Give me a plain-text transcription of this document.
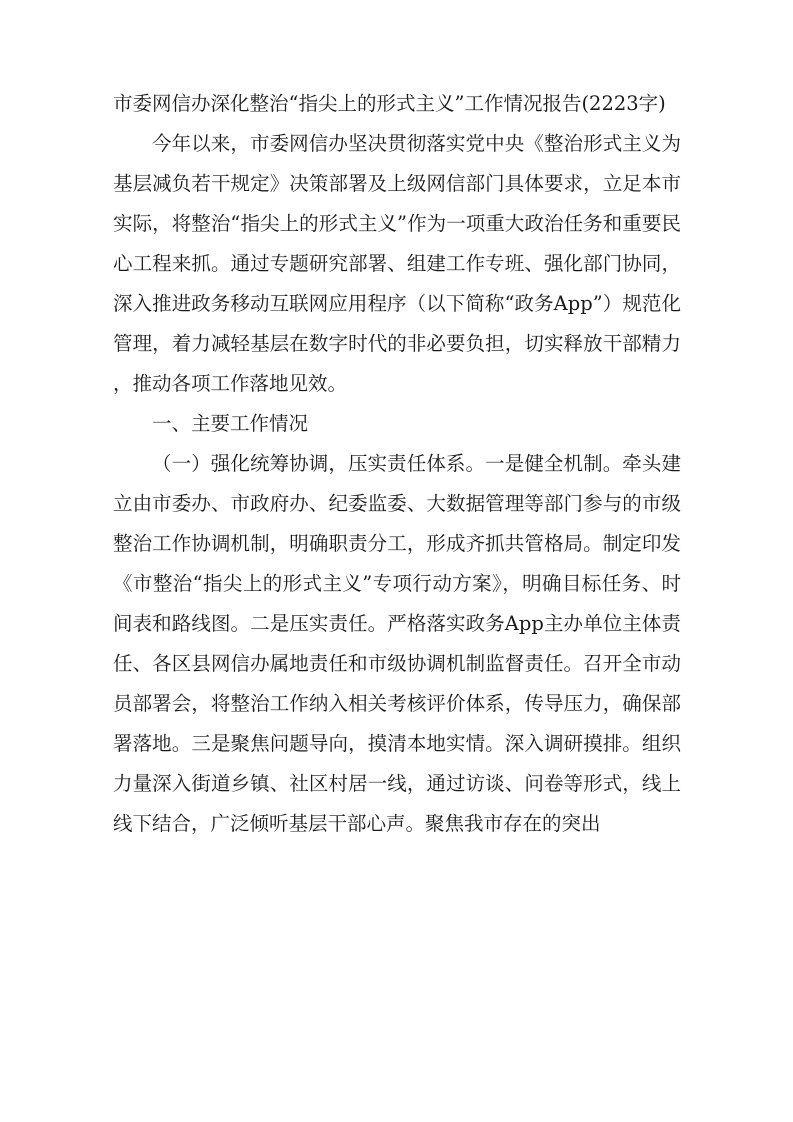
市委网信办深化整治“指尖上的形式主义”工作情况报告(2223字)

今年以来，市委网信办坚决贯彻落实党中央《整治形式主义为基层减负若干规定》决策部署及上级网信部门具体要求，立足本市实际，将整治“指尖上的形式主义”作为一项重大政治任务和重要民心工程来抓。通过专题研究部署、组建工作专班、强化部门协同，深入推进政务移动互联网应用程序（以下简称“政务App”）规范化管理，着力减轻基层在数字时代的非必要负担，切实释放干部精力，推动各项工作落地见效。

一、主要工作情况

（一）强化统筹协调，压实责任体系。一是健全机制。牵头建立由市委办、市政府办、纪委监委、大数据管理等部门参与的市级整治工作协调机制，明确职责分工，形成齐抓共管格局。制定印发《市整治“指尖上的形式主义”专项行动方案》，明确目标任务、时间表和路线图。二是压实责任。严格落实政务App主办单位主体责任、各区县网信办属地责任和市级协调机制监督责任。召开全市动员部署会，将整治工作纳入相关考核评价体系，传导压力，确保部署落地。三是聚焦问题导向，摸清本地实情。深入调研摸排。组织力量深入街道乡镇、社区村居一线，通过访谈、问卷等形式，线上线下结合，广泛倾听基层干部心声。聚焦我市存在的突出
